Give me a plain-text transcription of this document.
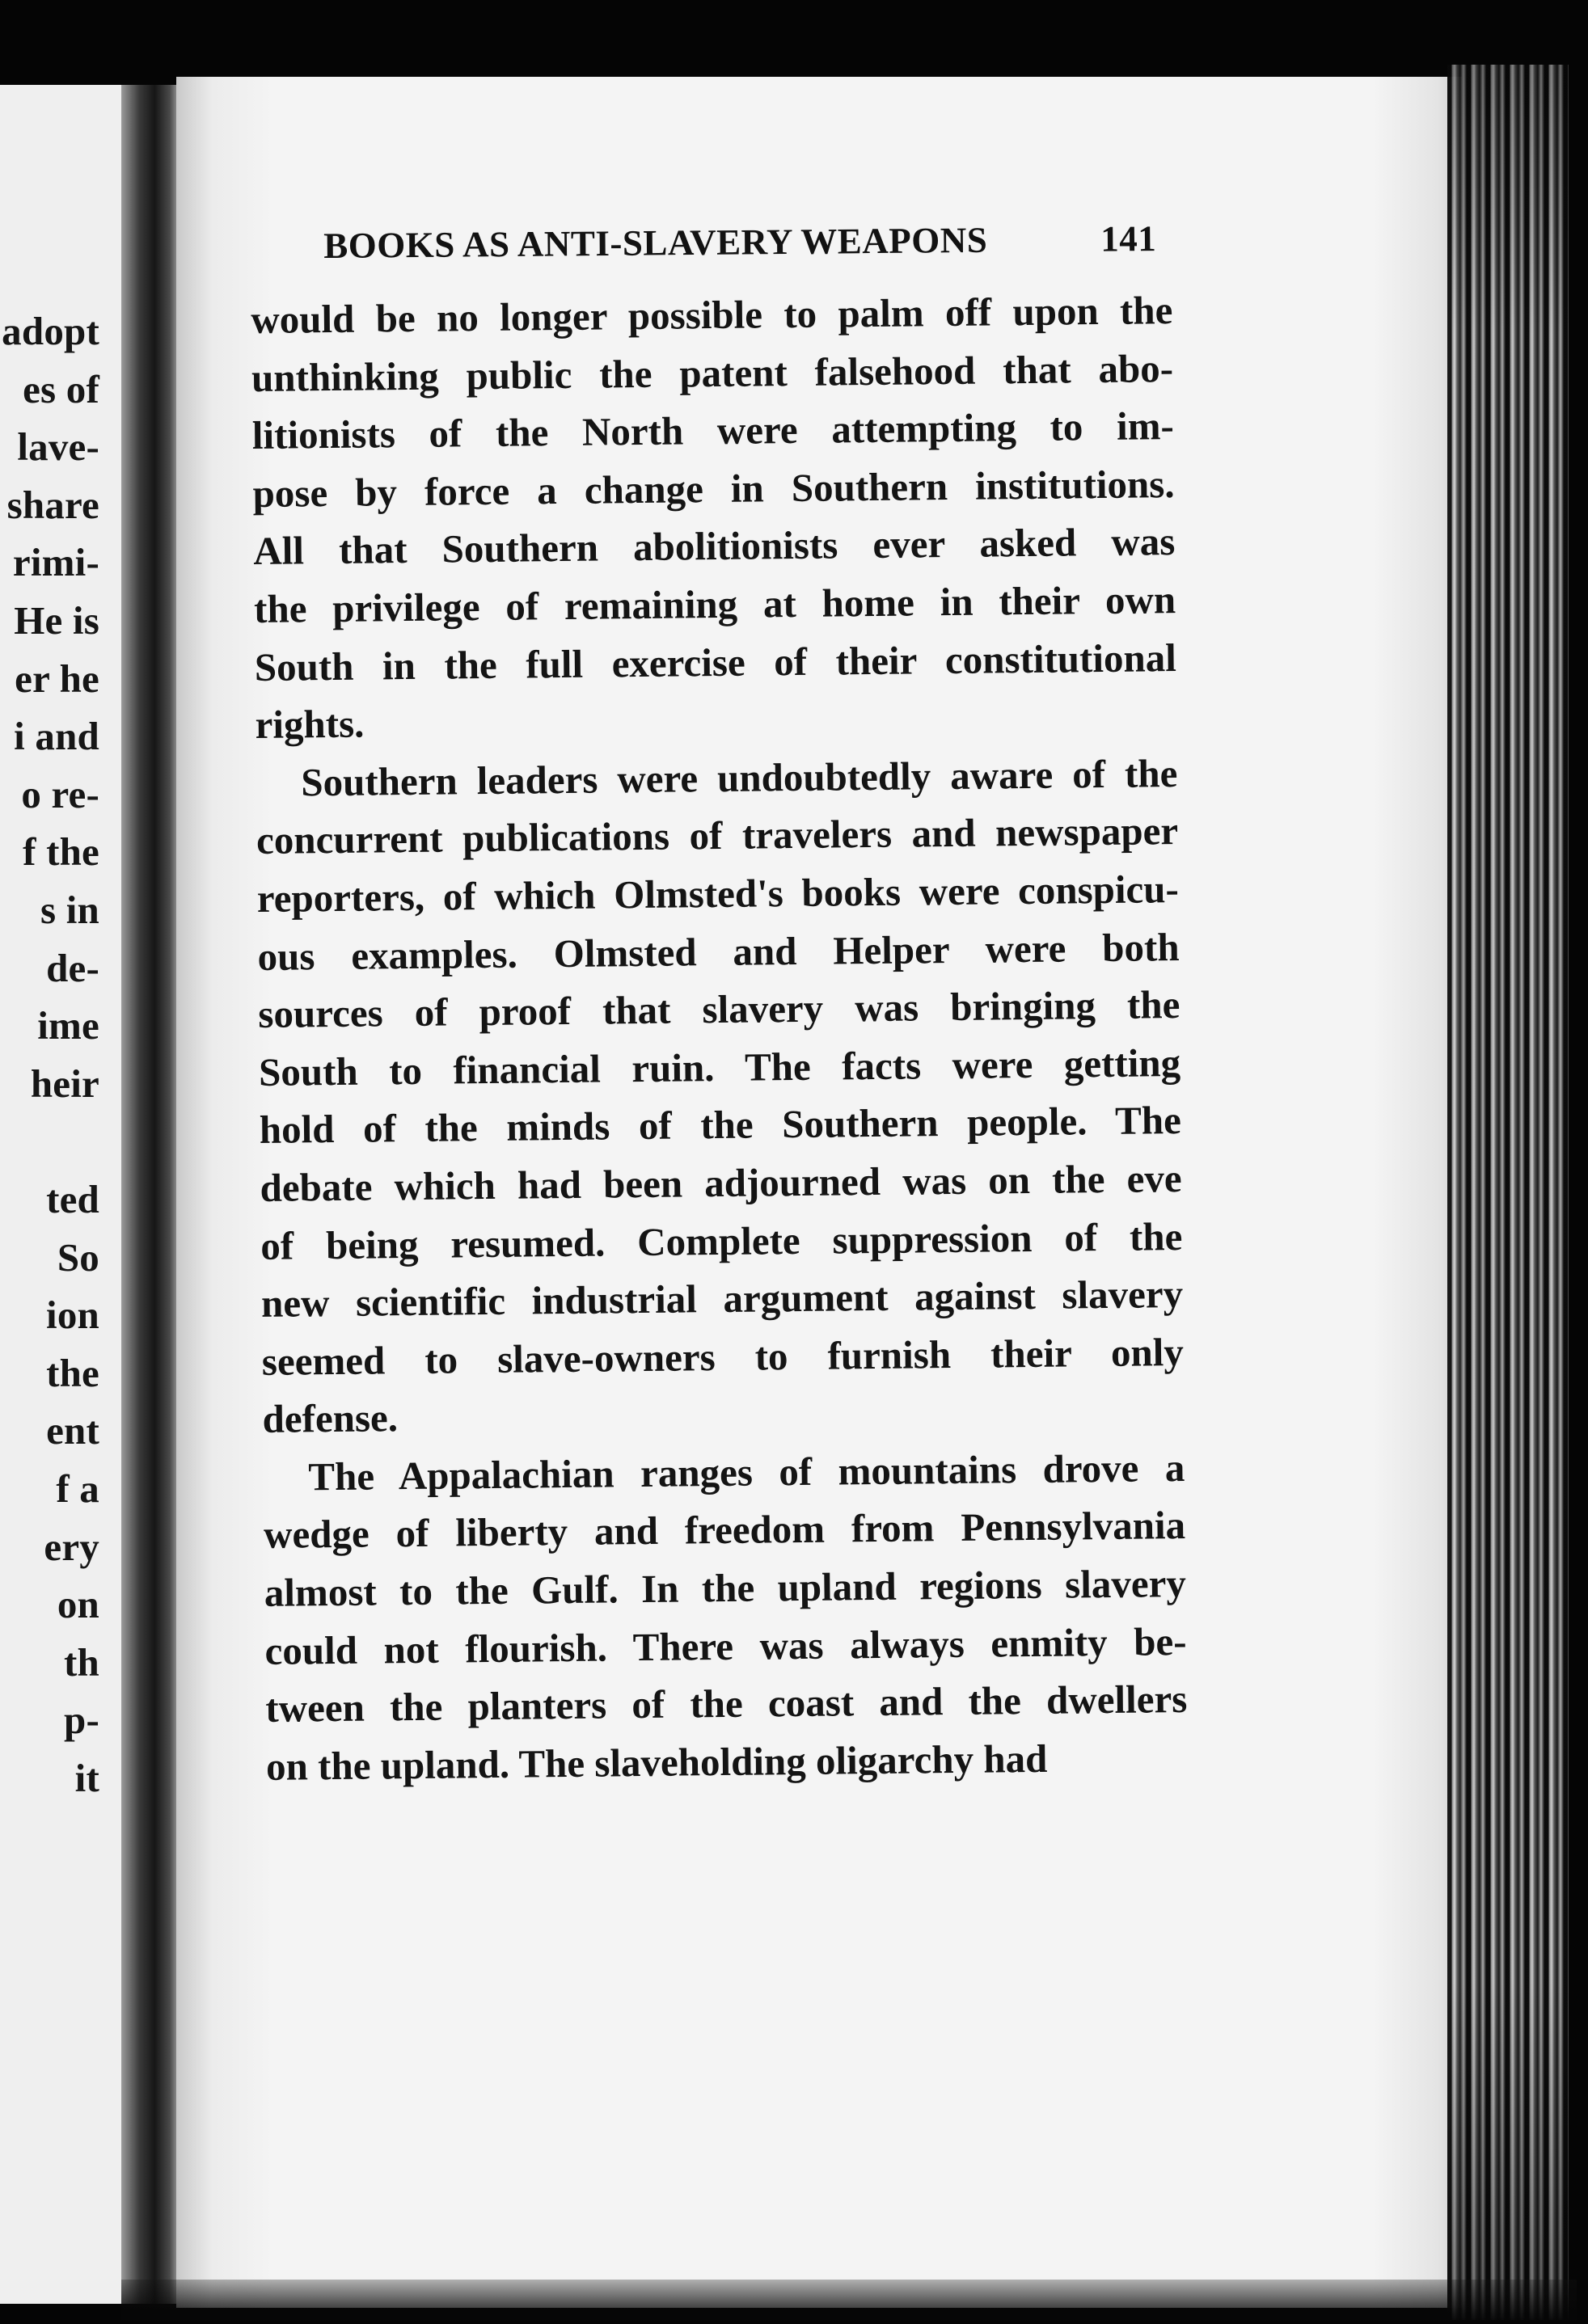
adopt
es of
lave-
share
rimi-
He is
er he
i and
o re-
f the
s in
de-
ime
heir
ted
So
ion
the
ent
f a
ery
on
th
p-
it
BOOKS AS ANTI-SLAVERY WEAPONS	141
would be no longer possible to palm off upon the
unthinking public the patent falsehood that abo-
litionists of the North were attempting to im-
pose by force a change in Southern institutions.
All that Southern abolitionists ever asked was
the privilege of remaining at home in their own
South in the full exercise of their constitutional
rights.
Southern leaders were undoubtedly aware of the
concurrent publications of travelers and newspaper
reporters, of which Olmsted's books were conspicu-
ous examples. Olmsted and Helper were both
sources of proof that slavery was bringing the
South to financial ruin. The facts were getting
hold of the minds of the Southern people. The
debate which had been adjourned was on the eve
of being resumed. Complete suppression of the
new scientific industrial argument against slavery
seemed to slave-owners to furnish their only
defense.
The Appalachian ranges of mountains drove a
wedge of liberty and freedom from Pennsylvania
almost to the Gulf. In the upland regions slavery
could not flourish. There was always enmity be-
tween the planters of the coast and the dwellers
on the upland. The slaveholding oligarchy had
